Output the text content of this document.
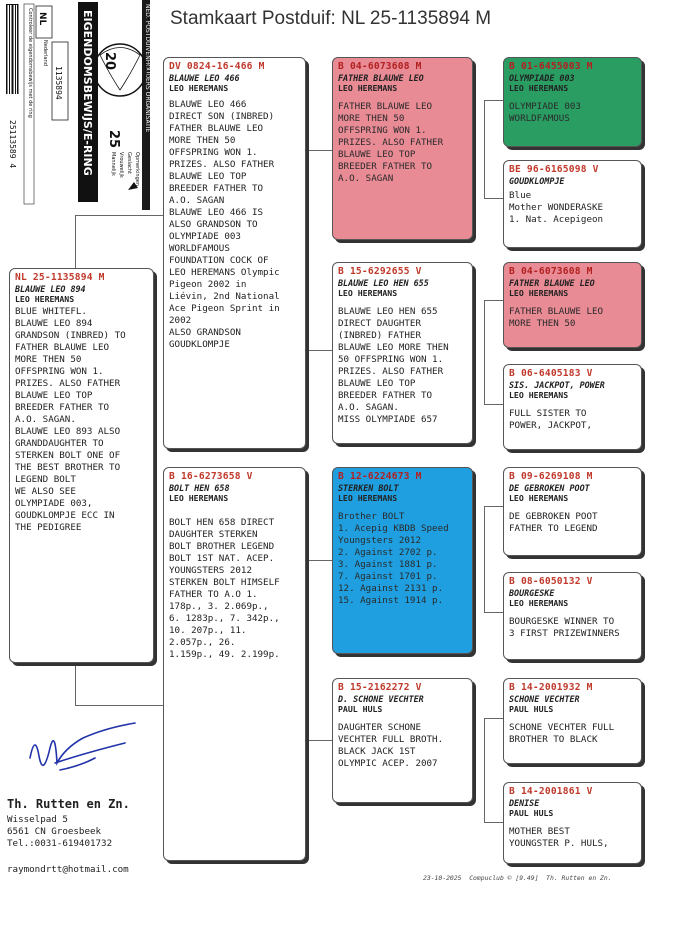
Stamkaart Postduif: NL 25-1135894 M
25113589 4
NED. POSTDUIVENHOUDERS ORGANISATIE
Controleer de eigendomsbewijs met de ring NL
1135894
Nederland	EIGENDOMSBEWIJS/E-RING 20
25
Mannelijk Vrouwelijk Geslacht Opmerkingen
NL 25-1135894 M
BLAUWE LEO 894
LEO HEREMANS
BLUE WHITEFL.
BLAUWE LEO 894
GRANDSON (INBRED) TO
FATHER BLAUWE LEO
MORE THEN 50
OFFSPRING WON 1.
PRIZES. ALSO FATHER
BLAUWE LEO TOP
BREEDER FATHER TO
A.O. SAGAN.
BLAUWE LEO 893 ALSO
GRANDDAUGHTER TO
STERKEN BOLT ONE OF
THE BEST BROTHER TO
LEGEND BOLT
WE ALSO SEE
OLYMPIADE 003,
GOUDKLOMPJE ECC IN
THE PEDIGREE
DV 0824-16-466 M
BLAUWE LEO 466
LEO HEREMANS
BLAUWE LEO 466
DIRECT SON (INBRED)
FATHER BLAUWE LEO
MORE THEN 50
OFFSPRING WON 1.
PRIZES. ALSO FATHER
BLAUWE LEO TOP
BREEDER FATHER TO
A.O. SAGAN
BLAUWE LEO 466 IS
ALSO GRANDSON TO
OLYMPIADE 003
WORLDFAMOUS
FOUNDATION COCK OF
LEO HEREMANS Olympic
Pigeon 2002 in
Liévin, 2nd National
Ace Pigeon Sprint in
2002
ALSO GRANDSON
GOUDKLOMPJE
B 16-6273658 V
BOLT HEN 658
LEO HEREMANS
BOLT HEN 658 DIRECT
DAUGHTER STERKEN
BOLT BROTHER LEGEND
BOLT 1ST NAT. ACEP.
YOUNGSTERS 2012
STERKEN BOLT HIMSELF
FATHER TO A.O 1.
178p., 3. 2.069p.,
6. 1283p., 7. 342p.,
10. 207p., 11.
2.057p., 26.
1.159p., 49. 2.199p.
B 04-6073608 M
FATHER BLAUWE LEO
LEO HEREMANS
FATHER BLAUWE LEO
MORE THEN 50
OFFSPRING WON 1.
PRIZES. ALSO FATHER
BLAUWE LEO TOP
BREEDER FATHER TO
A.O. SAGAN
B 15-6292655 V
BLAUWE LEO HEN 655
LEO HEREMANS
BLAUWE LEO HEN 655
DIRECT DAUGHTER
(INBRED) FATHER
BLAUWE LEO MORE THEN
50 OFFSPRING WON 1.
PRIZES. ALSO FATHER
BLAUWE LEO TOP
BREEDER FATHER TO
A.O. SAGAN.
MISS OLYMPIADE 657
B 12-6224673 M
STERKEN BOLT
LEO HEREMANS
Brother BOLT
1. Acepig KBDB Speed
Youngsters 2012
2. Against 2702 p.
3. Against 1881 p.
7. Against 1701 p.
12. Against 2131 p.
15. Against 1914 p.
B 15-2162272 V
D. SCHONE VECHTER
PAUL HULS
DAUGHTER SCHONE
VECHTER FULL BROTH.
BLACK JACK 1ST
OLYMPIC ACEP. 2007
B 01-6455003 M
OLYMPIADE 003
LEO HEREMANS
OLYMPIADE 003
WORLDFAMOUS
BE 96-6165098 V
GOUDKLOMPJE
Blue
Mother WONDERASKE
1. Nat. Acepigeon
B 04-6073608 M
FATHER BLAUWE LEO
LEO HEREMANS
FATHER BLAUWE LEO
MORE THEN 50
B 06-6405183 V
SIS. JACKPOT, POWER
LEO HEREMANS
FULL SISTER TO
POWER, JACKPOT,
B 09-6269108 M
DE GEBROKEN POOT
LEO HEREMANS
DE GEBROKEN POOT
FATHER TO LEGEND
B 08-6050132 V
BOURGESKE
LEO HEREMANS
BOURGESKE WINNER TO
3 FIRST PRIZEWINNERS
B 14-2001932 M
SCHONE VECHTER
PAUL HULS
SCHONE VECHTER FULL
BROTHER TO BLACK
B 14-2001861 V
DENISE
PAUL HULS
MOTHER BEST
YOUNGSTER P. HULS,
Th. Rutten en Zn.
Wisselpad 5
6561 CN Groesbeek
Tel.:0031-619401732
raymondrtt@hotmail.com
23-10-2025 Compuclub © [9.49] Th. Rutten en Zn.
